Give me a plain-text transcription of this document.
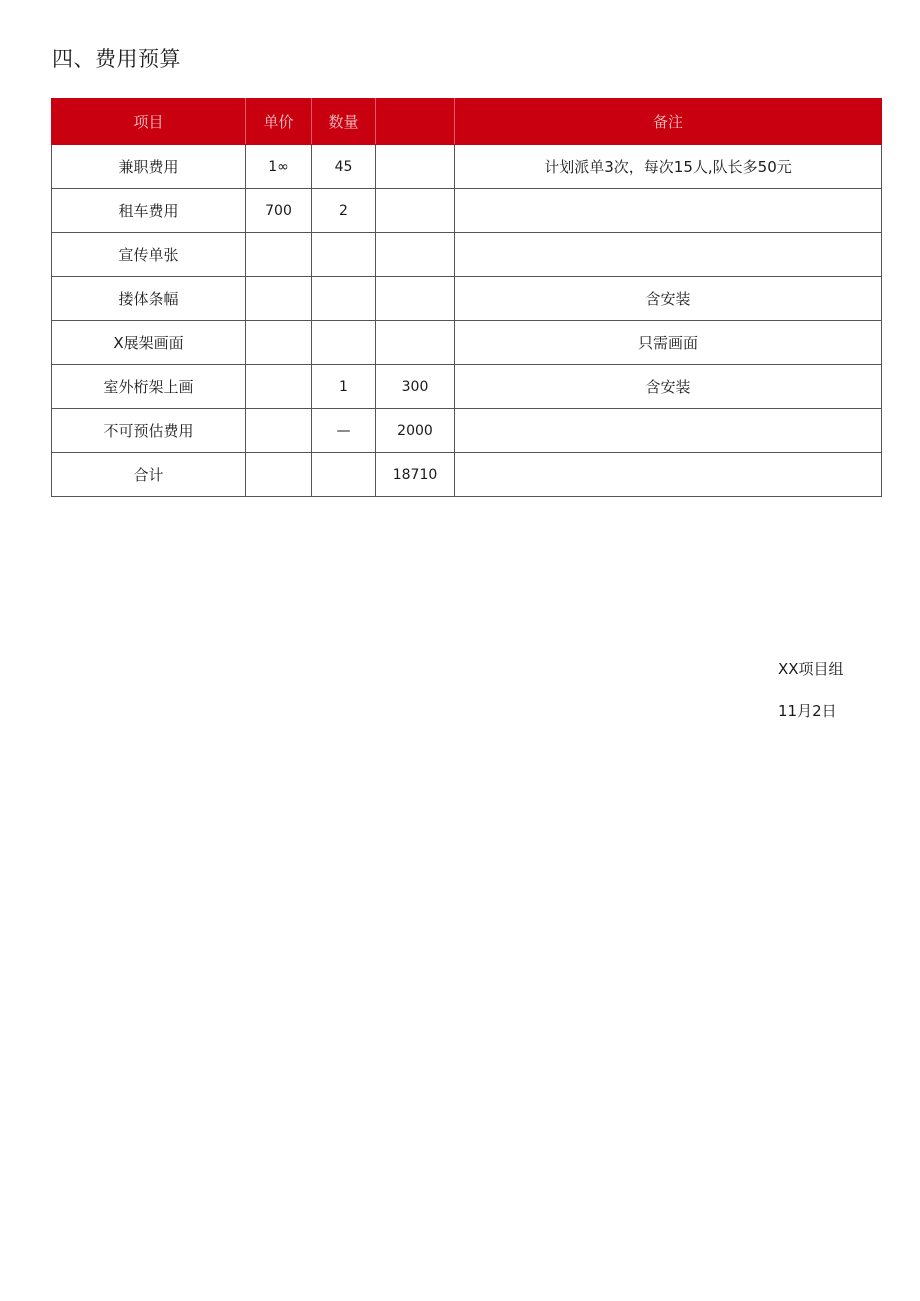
四、费用预算
项目	单价	数量		备注
兼职费用	1∞	45		计划派单3次，每次15人,队长多50元
租车费用	700	2		
宣传单张				
搂体条幅				含安装
X展架画面				只需画面
室外桁架上画		1	300	含安装
不可预估费用		—	2000	
合计			18710	

XX项目组

11月2日
